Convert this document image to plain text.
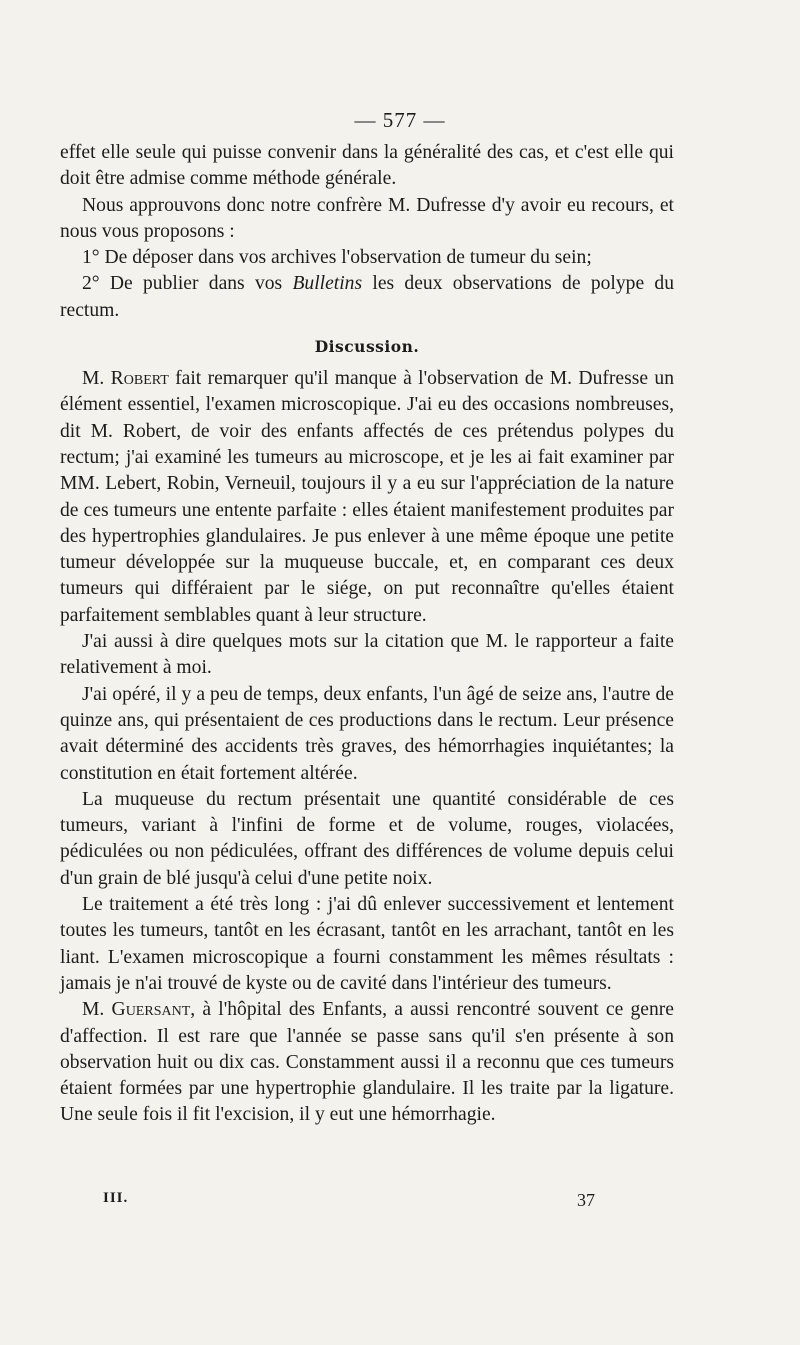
— 577 —

effet elle seule qui puisse convenir dans la généralité des cas, et c'est elle qui doit être admise comme méthode générale.

Nous approuvons donc notre confrère M. Dufresse d'y avoir eu recours, et nous vous proposons :

1° De déposer dans vos archives l'observation de tumeur du sein;

2° De publier dans vos Bulletins les deux observations de polype du rectum.

Discussion.

M. Robert fait remarquer qu'il manque à l'observation de M. Dufresse un élément essentiel, l'examen microscopique. J'ai eu des occasions nombreuses, dit M. Robert, de voir des enfants affectés de ces prétendus polypes du rectum; j'ai examiné les tumeurs au microscope, et je les ai fait examiner par MM. Lebert, Robin, Verneuil, toujours il y a eu sur l'appréciation de la nature de ces tumeurs une entente parfaite : elles étaient manifestement produites par des hypertrophies glandulaires. Je pus enlever à une même époque une petite tumeur développée sur la muqueuse buccale, et, en comparant ces deux tumeurs qui différaient par le siége, on put reconnaître qu'elles étaient parfaitement semblables quant à leur structure.

J'ai aussi à dire quelques mots sur la citation que M. le rapporteur a faite relativement à moi.

J'ai opéré, il y a peu de temps, deux enfants, l'un âgé de seize ans, l'autre de quinze ans, qui présentaient de ces productions dans le rectum. Leur présence avait déterminé des accidents très graves, des hémorrhagies inquiétantes; la constitution en était fortement altérée.

La muqueuse du rectum présentait une quantité considérable de ces tumeurs, variant à l'infini de forme et de volume, rouges, violacées, pédiculées ou non pédiculées, offrant des différences de volume depuis celui d'un grain de blé jusqu'à celui d'une petite noix.

Le traitement a été très long : j'ai dû enlever successivement et lentement toutes les tumeurs, tantôt en les écrasant, tantôt en les arrachant, tantôt en les liant. L'examen microscopique a fourni constamment les mêmes résultats : jamais je n'ai trouvé de kyste ou de cavité dans l'intérieur des tumeurs.

M. Guersant, à l'hôpital des Enfants, a aussi rencontré souvent ce genre d'affection. Il est rare que l'année se passe sans qu'il s'en présente à son observation huit ou dix cas. Constamment aussi il a reconnu que ces tumeurs étaient formées par une hypertrophie glandulaire. Il les traite par la ligature. Une seule fois il fit l'excision, il y eut une hémorrhagie.

III.	37
